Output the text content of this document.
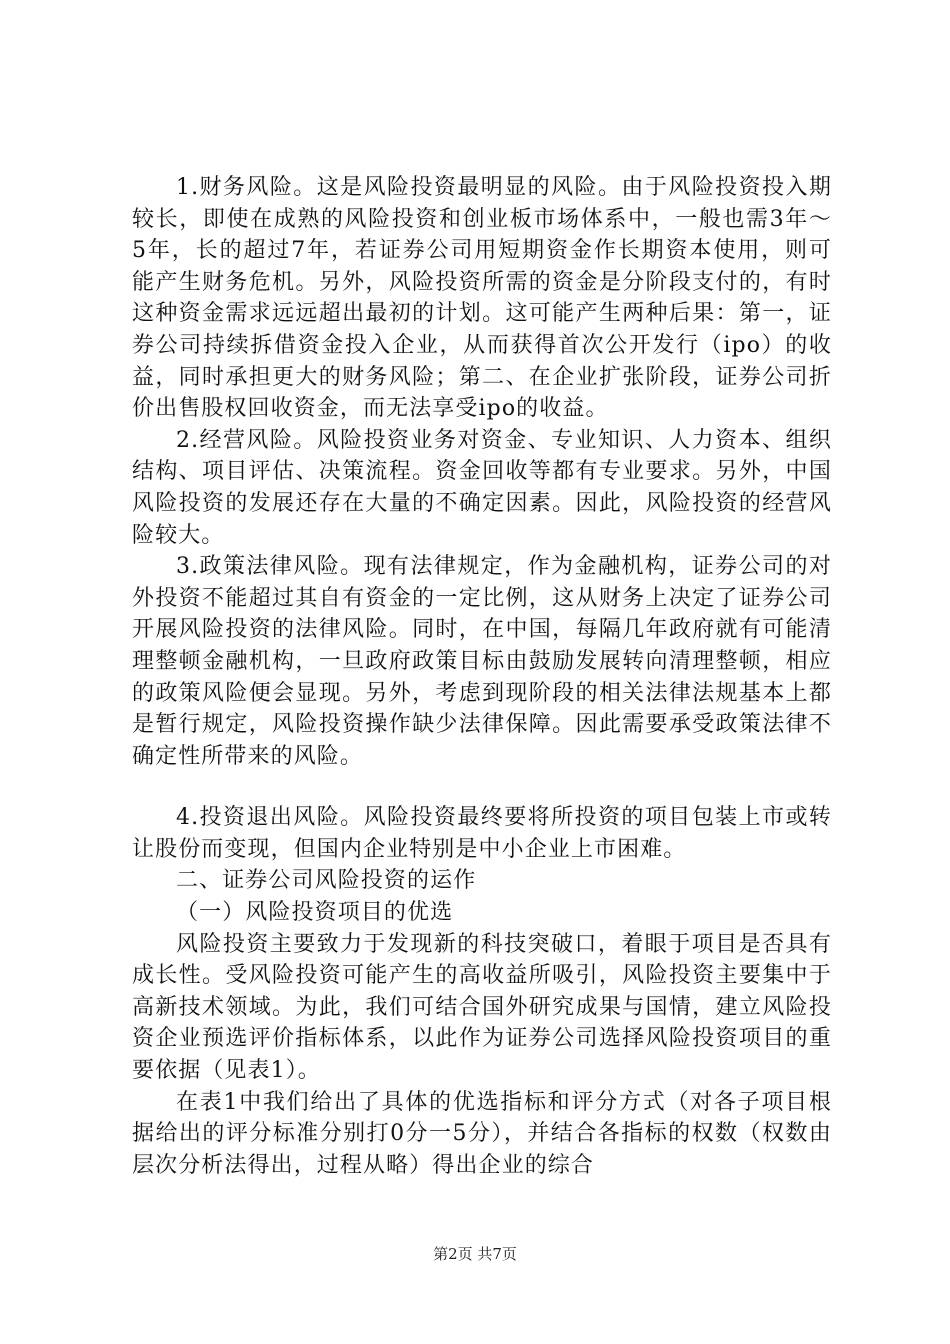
1.财务风险。这是风险投资最明显的风险。由于风险投资投入期较长，即使在成熟的风险投资和创业板市场体系中，一般也需3年～5年，长的超过7年，若证券公司用短期资金作长期资本使用，则可能产生财务危机。另外，风险投资所需的资金是分阶段支付的，有时这种资金需求远远超出最初的计划。这可能产生两种后果：第一，证券公司持续拆借资金投入企业，从而获得首次公开发行（ipo）的收益，同时承担更大的财务风险；第二、在企业扩张阶段，证券公司折价出售股权回收资金，而无法享受ipo的收益。

2.经营风险。风险投资业务对资金、专业知识、人力资本、组织结构、项目评估、决策流程。资金回收等都有专业要求。另外，中国风险投资的发展还存在大量的不确定因素。因此，风险投资的经营风险较大。

3.政策法律风险。现有法律规定，作为金融机构，证券公司的对外投资不能超过其自有资金的一定比例，这从财务上决定了证券公司开展风险投资的法律风险。同时，在中国，每隔几年政府就有可能清理整顿金融机构，一旦政府政策目标由鼓励发展转向清理整顿，相应的政策风险便会显现。另外，考虑到现阶段的相关法律法规基本上都是暂行规定，风险投资操作缺少法律保障。因此需要承受政策法律不确定性所带来的风险。

4.投资退出风险。风险投资最终要将所投资的项目包装上市或转让股份而变现，但国内企业特别是中小企业上市困难。

二、证券公司风险投资的运作

（一）风险投资项目的优选

风险投资主要致力于发现新的科技突破口，着眼于项目是否具有成长性。受风险投资可能产生的高收益所吸引，风险投资主要集中于高新技术领域。为此，我们可结合国外研究成果与国情，建立风险投资企业预选评价指标体系，以此作为证券公司选择风险投资项目的重要依据（见表1）。

在表1中我们给出了具体的优选指标和评分方式（对各子项目根据给出的评分标准分别打0分一5分），并结合各指标的权数（权数由层次分析法得出，过程从略）得出企业的综合

第2页 共7页
